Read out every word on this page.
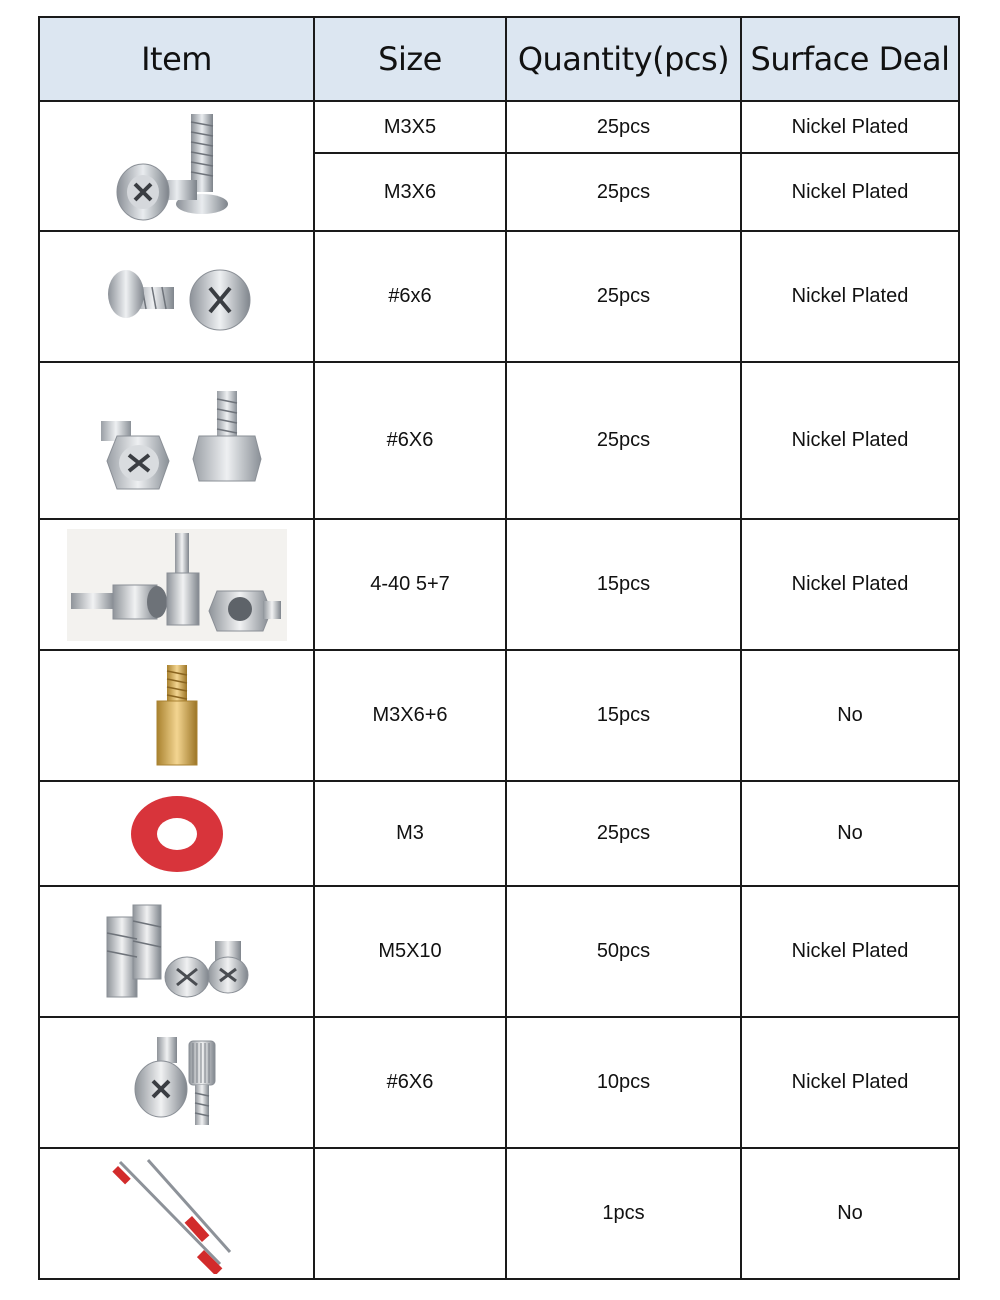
Item	Size	Quantity(pcs)	Surface Deal

	M3X5	25pcs	Nickel Plated
	M3X6	25pcs	Nickel Plated

	#6x6	25pcs	Nickel Plated

	#6X6	25pcs	Nickel Plated

	4-40 5+7	15pcs	Nickel Plated

	M3X6+6	15pcs	No

	M3	25pcs	No

	M5X10	50pcs	Nickel Plated

	#6X6	10pcs	Nickel Plated

		1pcs	No
